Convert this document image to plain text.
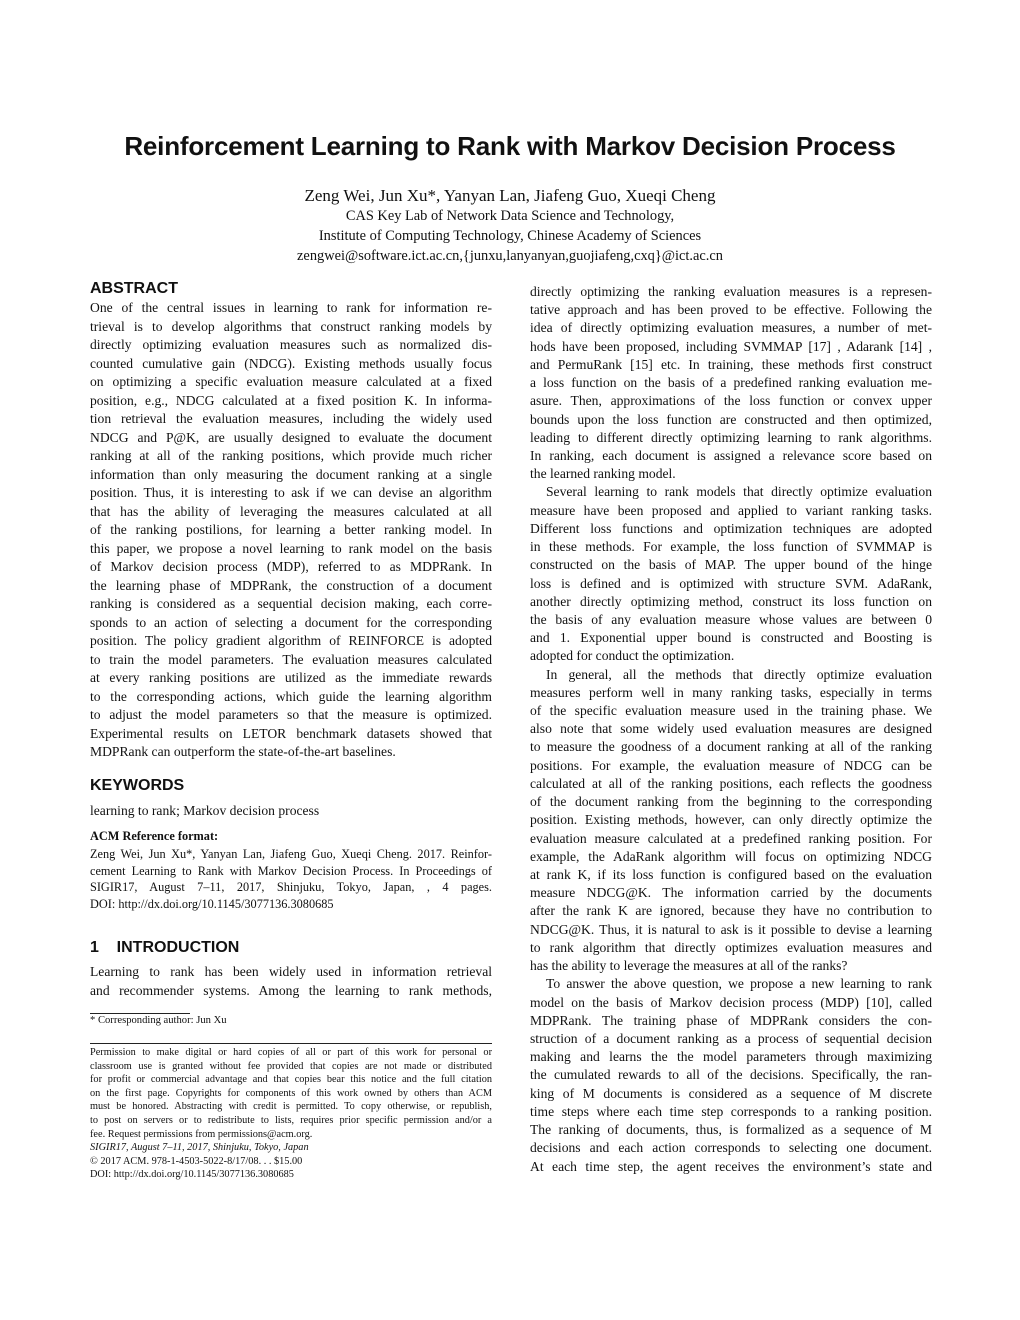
Reinforcement Learning to Rank with Markov Decision Process
Zeng Wei, Jun Xu*, Yanyan Lan, Jiafeng Guo, Xueqi Cheng
CAS Key Lab of Network Data Science and Technology,
Institute of Computing Technology, Chinese Academy of Sciences
zengwei@software.ict.ac.cn,{junxu,lanyanyan,guojiafeng,cxq}@ict.ac.cn
ABSTRACT
One of the central issues in learning to rank for information re-
trieval is to develop algorithms that construct ranking models by
directly optimizing evaluation measures such as normalized dis-
counted cumulative gain (NDCG). Existing methods usually focus
on optimizing a specific evaluation measure calculated at a fixed
position, e.g., NDCG calculated at a fixed position K. In informa-
tion retrieval the evaluation measures, including the widely used
NDCG and P@K, are usually designed to evaluate the document
ranking at all of the ranking positions, which provide much richer
information than only measuring the document ranking at a single
position. Thus, it is interesting to ask if we can devise an algorithm
that has the ability of leveraging the measures calculated at all
of the ranking postilions, for learning a better ranking model. In
this paper, we propose a novel learning to rank model on the basis
of Markov decision process (MDP), referred to as MDPRank. In
the learning phase of MDPRank, the construction of a document
ranking is considered as a sequential decision making, each corre-
sponds to an action of selecting a document for the corresponding
position. The policy gradient algorithm of REINFORCE is adopted
to train the model parameters. The evaluation measures calculated
at every ranking positions are utilized as the immediate rewards
to the corresponding actions, which guide the learning algorithm
to adjust the model parameters so that the measure is optimized.
Experimental results on LETOR benchmark datasets showed that
MDPRank can outperform the state-of-the-art baselines.
KEYWORDS
learning to rank; Markov decision process
ACM Reference format:
Zeng Wei, Jun Xu*, Yanyan Lan, Jiafeng Guo, Xueqi Cheng. 2017. Reinfor-
cement Learning to Rank with Markov Decision Process. In Proceedings of
SIGIR17, August 7–11, 2017, Shinjuku, Tokyo, Japan, , 4 pages.
DOI: http://dx.doi.org/10.1145/3077136.3080685
1    INTRODUCTION
Learning to rank has been widely used in information retrieval
and recommender systems. Among the learning to rank methods,
* Corresponding author: Jun Xu
Permission to make digital or hard copies of all or part of this work for personal or
classroom use is granted without fee provided that copies are not made or distributed
for profit or commercial advantage and that copies bear this notice and the full citation
on the first page. Copyrights for components of this work owned by others than ACM
must be honored. Abstracting with credit is permitted. To copy otherwise, or republish,
to post on servers or to redistribute to lists, requires prior specific permission and/or a
fee. Request permissions from permissions@acm.org.
SIGIR17, August 7–11, 2017, Shinjuku, Tokyo, Japan
© 2017 ACM. 978-1-4503-5022-8/17/08. . . $15.00
DOI: http://dx.doi.org/10.1145/3077136.3080685
directly optimizing the ranking evaluation measures is a represen-
tative approach and has been proved to be effective. Following the
idea of directly optimizing evaluation measures, a number of met-
hods have been proposed, including SVMMAP [17] , Adarank [14] ,
and PermuRank [15] etc. In training, these methods first construct
a loss function on the basis of a predefined ranking evaluation me-
asure. Then, approximations of the loss function or convex upper
bounds upon the loss function are constructed and then optimized,
leading to different directly optimizing learning to rank algorithms.
In ranking, each document is assigned a relevance score based on
the learned ranking model.
Several learning to rank models that directly optimize evaluation
measure have been proposed and applied to variant ranking tasks.
Different loss functions and optimization techniques are adopted
in these methods. For example, the loss function of SVMMAP is
constructed on the basis of MAP. The upper bound of the hinge
loss is defined and is optimized with structure SVM. AdaRank,
another directly optimizing method, construct its loss function on
the basis of any evaluation measure whose values are between 0
and 1. Exponential upper bound is constructed and Boosting is
adopted for conduct the optimization.
In general, all the methods that directly optimize evaluation
measures perform well in many ranking tasks, especially in terms
of the specific evaluation measure used in the training phase. We
also note that some widely used evaluation measures are designed
to measure the goodness of a document ranking at all of the ranking
positions. For example, the evaluation measure of NDCG can be
calculated at all of the ranking positions, each reflects the goodness
of the document ranking from the beginning to the corresponding
position. Existing methods, however, can only directly optimize the
evaluation measure calculated at a predefined ranking position. For
example, the AdaRank algorithm will focus on optimizing NDCG
at rank K, if its loss function is configured based on the evaluation
measure NDCG@K. The information carried by the documents
after the rank K are ignored, because they have no contribution to
NDCG@K. Thus, it is natural to ask is it possible to devise a learning
to rank algorithm that directly optimizes evaluation measures and
has the ability to leverage the measures at all of the ranks?
To answer the above question, we propose a new learning to rank
model on the basis of Markov decision process (MDP) [10], called
MDPRank. The training phase of MDPRank considers the con-
struction of a document ranking as a process of sequential decision
making and learns the the model parameters through maximizing
the cumulated rewards to all of the decisions. Specifically, the ran-
king of M documents is considered as a sequence of M discrete
time steps where each time step corresponds to a ranking position.
The ranking of documents, thus, is formalized as a sequence of M
decisions and each action corresponds to selecting one document.
At each time step, the agent receives the environment’s state and
